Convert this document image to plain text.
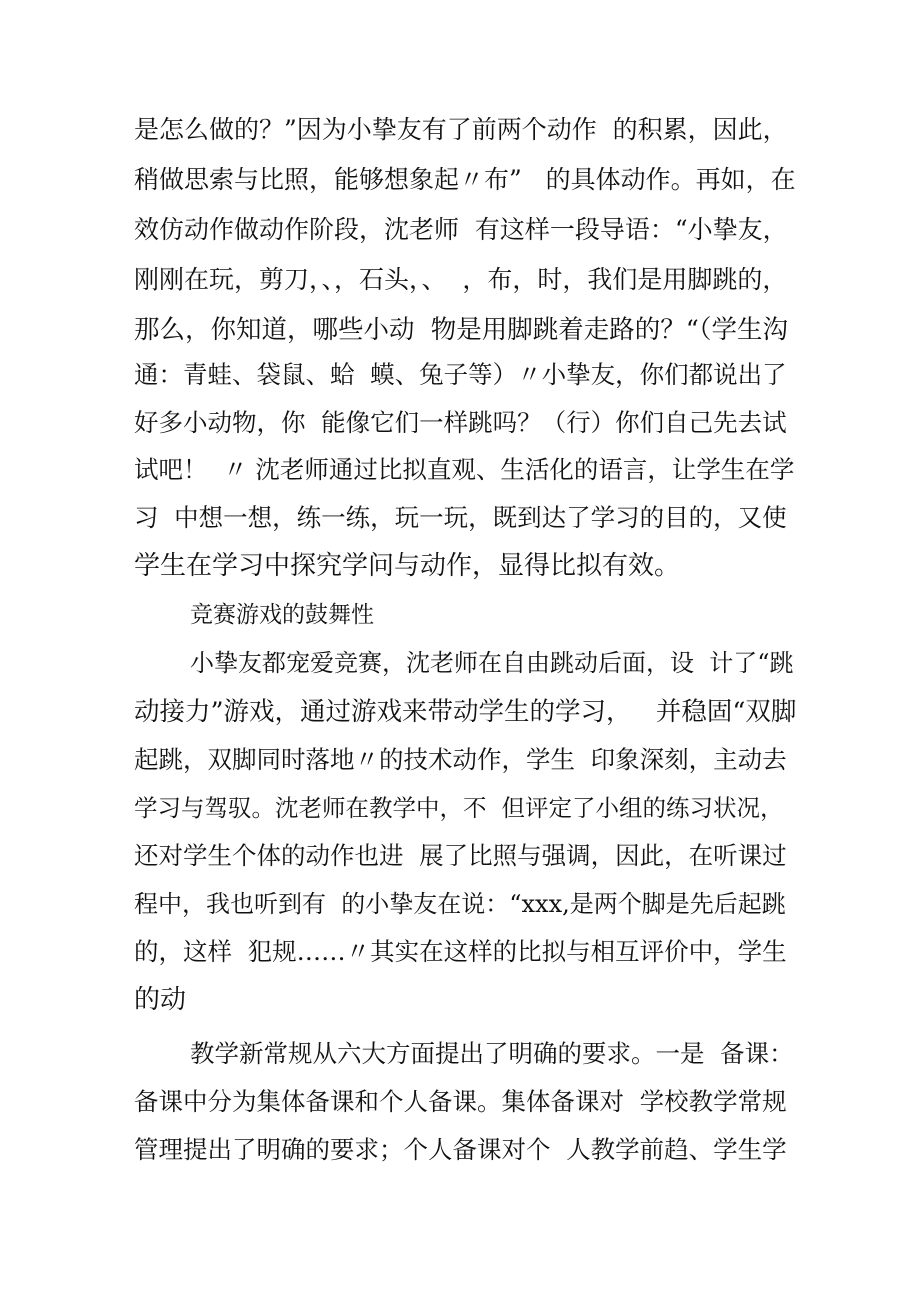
是怎么做的？”因为小挚友有了前两个动作  的积累，因此，
稍做思索与比照，能够想象起〃布”   的具体动作。再如，在
效仿动作做动作阶段，沈老师  有这样一段导语：“小挚友，
刚刚在玩，剪刀，、，石头，、  ，布，时，我们是用脚跳的，
那么，你知道，哪些小动  物是用脚跳着走路的？“（学生沟
通：青蛙、袋鼠、蛤  蟆、兔子等）〃小挚友，你们都说出了
好多小动物，你  能像它们一样跳吗？（行）你们自己先去试
试吧！  〃 沈老师通过比拟直观、生活化的语言，让学生在学
习  中想一想，练一练，玩一玩，既到达了学习的目的，又使
学生在学习中探究学问与动作，显得比拟有效。
竞赛游戏的鼓舞性
小挚友都宠爱竞赛，沈老师在自由跳动后面，设  计了“跳
动接力”游戏，通过游戏来带动学生的学习，   并稳固“双脚
起跳，双脚同时落地〃的技术动作，学生  印象深刻，主动去
学习与驾驭。沈老师在教学中，不  但评定了小组的练习状况，
还对学生个体的动作也进  展了比照与强调，因此，在听课过
程中，我也听到有  的小挚友在说：“xxx,是两个脚是先后起跳
的，这样  犯规……〃其实在这样的比拟与相互评价中，学生
的动
教学新常规从六大方面提出了明确的要求。一是  备课：
备课中分为集体备课和个人备课。集体备课对  学校教学常规
管理提出了明确的要求；个人备课对个  人教学前趋、学生学
